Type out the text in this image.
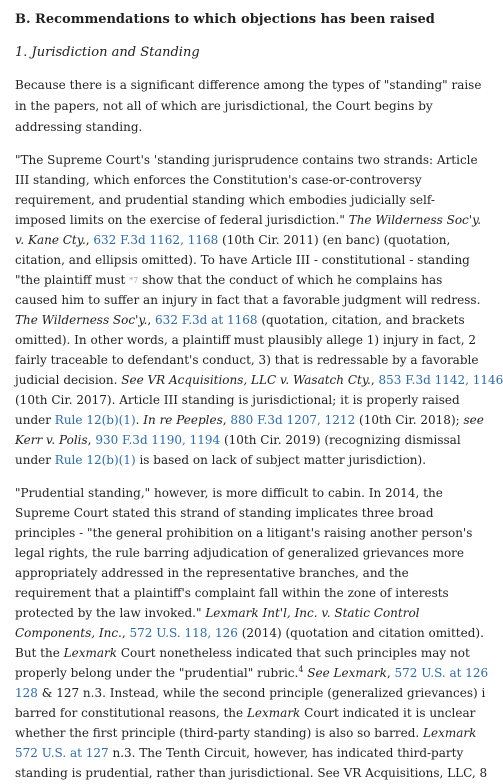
B. Recommendations to which objections has been raised
1. Jurisdiction and Standing
Because there is a significant difference among the types of "standing" raise
in the papers, not all of which are jurisdictional, the Court begins by
addressing standing.
"The Supreme Court's 'standing jurisprudence contains two strands: Article
III standing, which enforces the Constitution's case-or-controversy
requirement, and prudential standing which embodies judicially self-
imposed limits on the exercise of federal jurisdiction." The Wilderness Soc'y.
v. Kane Cty., 632 F.3d 1162, 1168 (10th Cir. 2011) (en banc) (quotation,
citation, and ellipsis omitted). To have Article III - constitutional - standing
"the plaintiff must *7 show that the conduct of which he complains has
caused him to suffer an injury in fact that a favorable judgment will redress.
The Wilderness Soc'y., 632 F.3d at 1168 (quotation, citation, and brackets
omitted). In other words, a plaintiff must plausibly allege 1) injury in fact, 2
fairly traceable to defendant's conduct, 3) that is redressable by a favorable
judicial decision. See VR Acquisitions, LLC v. Wasatch Cty., 853 F.3d 1142, 1146
(10th Cir. 2017). Article III standing is jurisdictional; it is properly raised
under Rule 12(b)(1). In re Peeples, 880 F.3d 1207, 1212 (10th Cir. 2018); see
Kerr v. Polis, 930 F.3d 1190, 1194 (10th Cir. 2019) (recognizing dismissal
under Rule 12(b)(1) is based on lack of subject matter jurisdiction).
"Prudential standing," however, is more difficult to cabin. In 2014, the
Supreme Court stated this strand of standing implicates three broad
principles - "the general prohibition on a litigant's raising another person's
legal rights, the rule barring adjudication of generalized grievances more
appropriately addressed in the representative branches, and the
requirement that a plaintiff's complaint fall within the zone of interests
protected by the law invoked." Lexmark Int'l, Inc. v. Static Control
Components, Inc., 572 U.S. 118, 126 (2014) (quotation and citation omitted).
But the Lexmark Court nonetheless indicated that such principles may not
properly belong under the "prudential" rubric.$^4$ See Lexmark, 572 U.S. at 126
128 & 127 n.3. Instead, while the second principle (generalized grievances) i
barred for constitutional reasons, the Lexmark Court indicated it is unclear
whether the first principle (third-party standing) is also so barred. Lexmark
572 U.S. at 127 n.3. The Tenth Circuit, however, has indicated third-party
standing is prudential, rather than jurisdictional. See VR Acquisitions, LLC, 8
